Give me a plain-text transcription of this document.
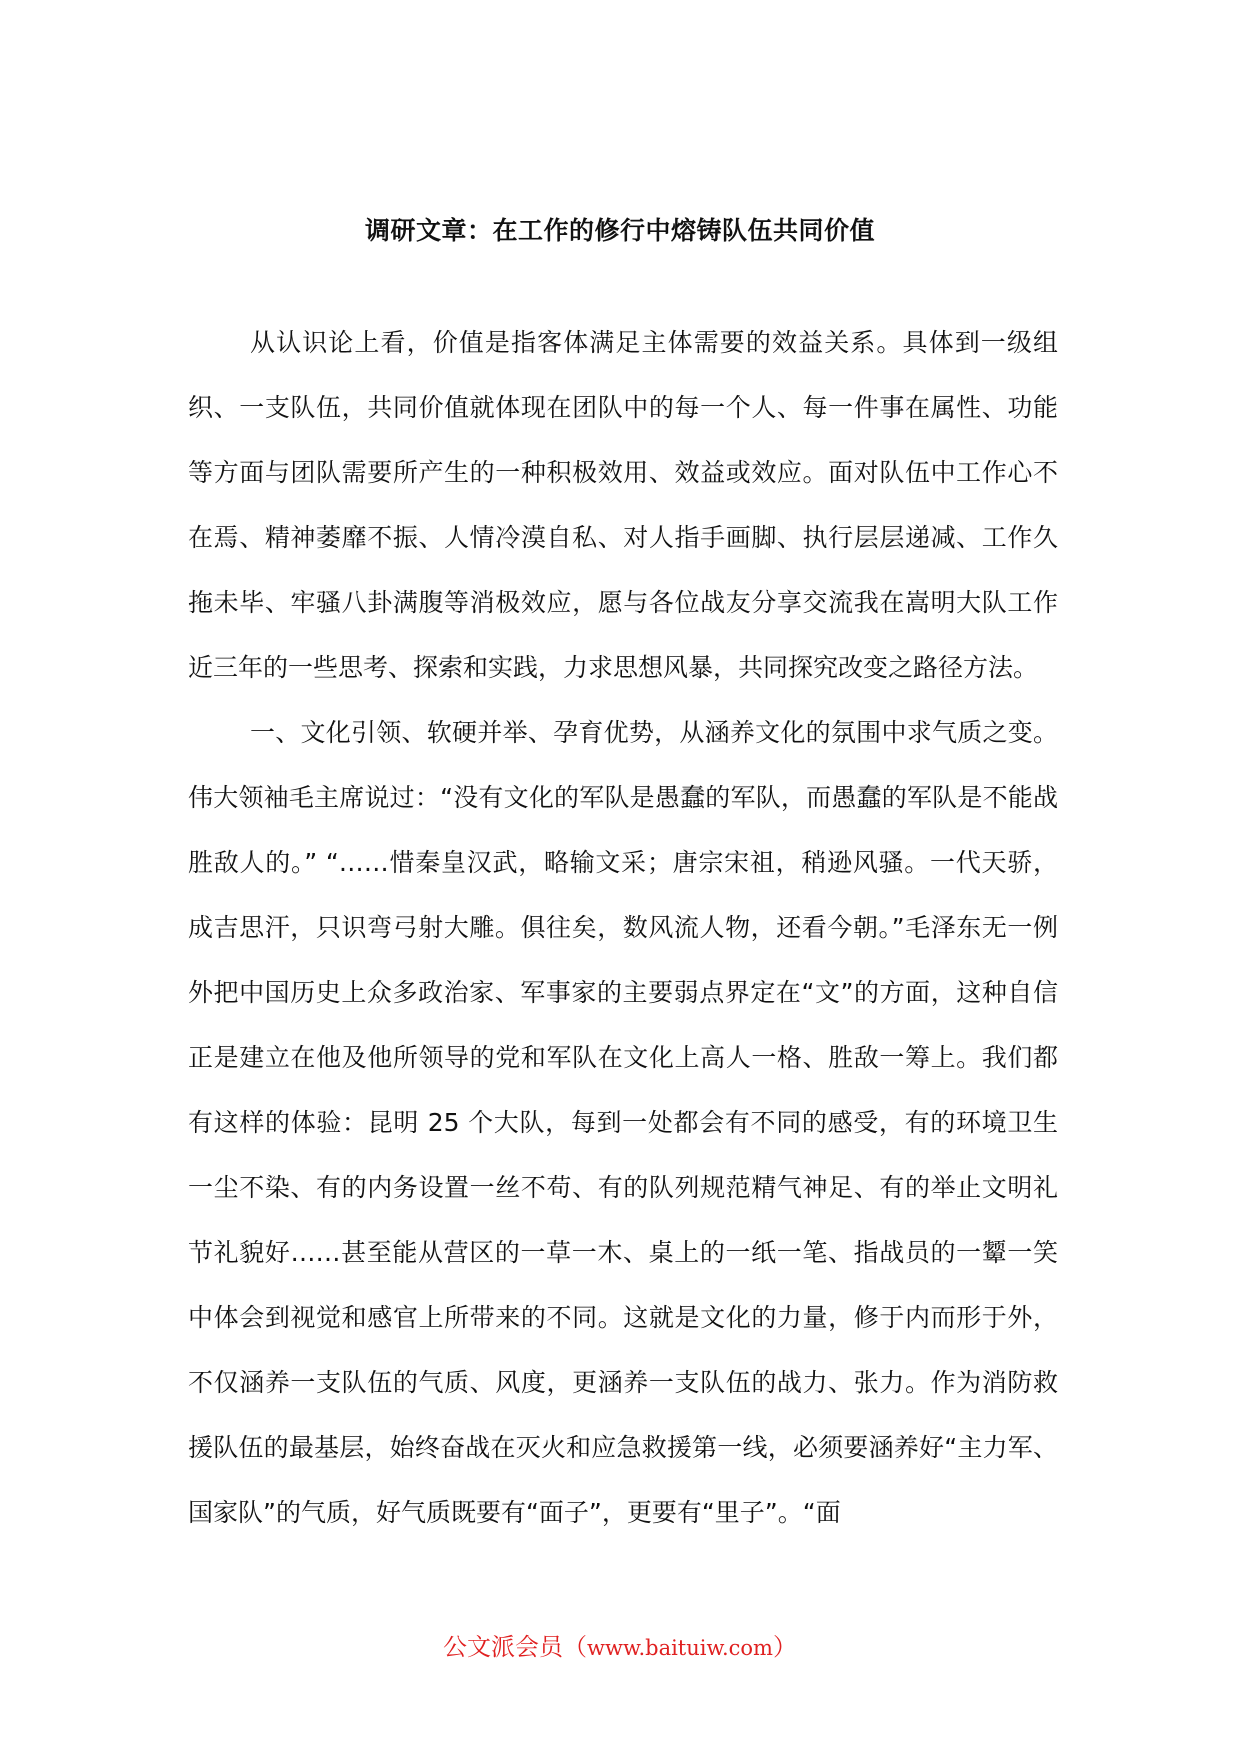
调研文章：在工作的修行中熔铸队伍共同价值

从认识论上看，价值是指客体满足主体需要的效益关系。具体到一级组织、一支队伍，共同价值就体现在团队中的每一个人、每一件事在属性、功能等方面与团队需要所产生的一种积极效用、效益或效应。面对队伍中工作心不在焉、精神萎靡不振、人情冷漠自私、对人指手画脚、执行层层递减、工作久拖未毕、牢骚八卦满腹等消极效应，愿与各位战友分享交流我在嵩明大队工作近三年的一些思考、探索和实践，力求思想风暴，共同探究改变之路径方法。

一、文化引领、软硬并举、孕育优势，从涵养文化的氛围中求气质之变。伟大领袖毛主席说过：“没有文化的军队是愚蠢的军队，而愚蠢的军队是不能战胜敌人的。” “……惜秦皇汉武，略输文采；唐宗宋祖，稍逊风骚。一代天骄，成吉思汗，只识弯弓射大雕。俱往矣，数风流人物，还看今朝。”毛泽东无一例外把中国历史上众多政治家、军事家的主要弱点界定在“文”的方面，这种自信正是建立在他及他所领导的党和军队在文化上高人一格、胜敌一筹上。我们都有这样的体验：昆明 25 个大队，每到一处都会有不同的感受，有的环境卫生一尘不染、有的内务设置一丝不苟、有的队列规范精气神足、有的举止文明礼节礼貌好……甚至能从营区的一草一木、桌上的一纸一笔、指战员的一颦一笑中体会到视觉和感官上所带来的不同。这就是文化的力量，修于内而形于外，不仅涵养一支队伍的气质、风度，更涵养一支队伍的战力、张力。作为消防救援队伍的最基层，始终奋战在灭火和应急救援第一线，必须要涵养好“主力军、国家队”的气质，好气质既要有“面子”，更要有“里子”。“面

公文派会员（www.baituiw.com）
